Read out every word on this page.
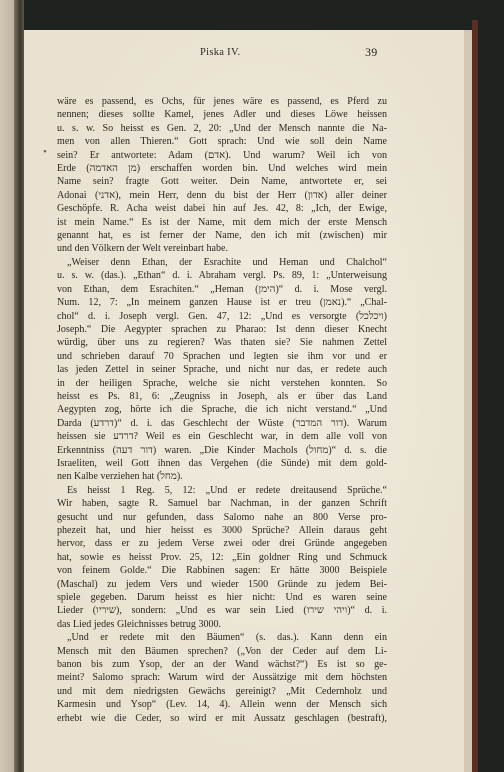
Piska IV.	39
•
wäre es passend, es Ochs, für jenes wäre es passend, es Pferd zu
nennen; dieses sollte Kamel, jenes Adler und dieses Löwe heissen
u. s. w. So heisst es Gen. 2, 20: „Und der Mensch nannte die Na-
men von allen Thieren.“ Gott sprach: Und wie soll dein Name
sein? Er antwortete: Adam (אדם). Und warum? Weil ich von
Erde (מן האדמה) erschaffen worden bin. Und welches wird mein
Name sein? fragte Gott weiter. Dein Name, antwortete er, sei
Adonai (אדני), mein Herr, denn du bist der Herr (אדון) aller deiner
Geschöpfe. R. Acha weist dabei hin auf Jes. 42, 8: „Ich, der Ewige,
ist mein Name.“ Es ist der Name, mit dem mich der erste Mensch
genannt hat, es ist ferner der Name, den ich mit (zwischen) mir
und den Völkern der Welt vereinbart habe.
„Weiser denn Ethan, der Esrachite und Heman und Chalchol“
u. s. w. (das.). „Ethan“ d. i. Abraham vergl. Ps. 89, 1: „Unterweisung
von Ethan, dem Esrachiten.“ „Heman (הימן)“ d. i. Mose vergl.
Num. 12, 7: „In meinem ganzen Hause ist er treu (נאמן).“ „Chal-
chol“ d. i. Joseph vergl. Gen. 47, 12: „Und es versorgte (ויכלכל)
Joseph.“ Die Aegypter sprachen zu Pharao: Ist denn dieser Knecht
würdig, über uns zu regieren? Was thaten sie? Sie nahmen Zettel
und schrieben darauf 70 Sprachen und legten sie ihm vor und er
las jeden Zettel in seiner Sprache, und nicht nur das, er redete auch
in der heiligen Sprache, welche sie nicht verstehen konnten. So
heisst es Ps. 81, 6: „Zeugniss in Joseph, als er über das Land
Aegypten zog, hörte ich die Sprache, die ich nicht verstand.“ „Und
Darda (דרדע)“ d. i. das Geschlecht der Wüste (דור המדבר). Warum
heissen sie דרדע? Weil es ein Geschlecht war, in dem alle voll von
Erkenntniss (דור דעה) waren. „Die Kinder Machols (מחול)“ d. s. die
Israeliten, weil Gott ihnen das Vergehen (die Sünde) mit dem gold-
nen Kalbe verziehen hat (מחל).
Es heisst 1 Reg. 5, 12: „Und er redete dreitausend Sprüche.“
Wir haben, sagte R. Samuel bar Nachman, in der ganzen Schrift
gesucht und nur gefunden, dass Salomo nahe an 800 Verse pro-
phezeit hat, und hier heisst es 3000 Sprüche? Allein daraus geht
hervor, dass er zu jedem Verse zwei oder drei Gründe angegeben
hat, sowie es heisst Prov. 25, 12: „Ein goldner Ring und Schmuck
von feinem Golde.“ Die Rabbinen sagen: Er hätte 3000 Beispiele
(Maschal) zu jedem Vers und wieder 1500 Gründe zu jedem Bei-
spiele gegeben. Darum heisst es hier nicht: Und es waren seine
Lieder (שיריו), sondern: „Und es war sein Lied (ויהי שירו)“ d. i.
das Lied jedes Gleichnisses betrug 3000.
„Und er redete mit den Bäumen“ (s. das.). Kann denn ein
Mensch mit den Bäumen sprechen? („Von der Ceder auf dem Li-
banon bis zum Ysop, der an der Wand wächst?“) Es ist so ge-
meint? Salomo sprach: Warum wird der Aussätzige mit dem höchsten
und mit dem niedrigsten Gewächs gereinigt? „Mit Cedernholz und
Karmesin und Ysop“ (Lev. 14, 4). Allein wenn der Mensch sich
erhebt wie die Ceder, so wird er mit Aussatz geschlagen (bestraft),
